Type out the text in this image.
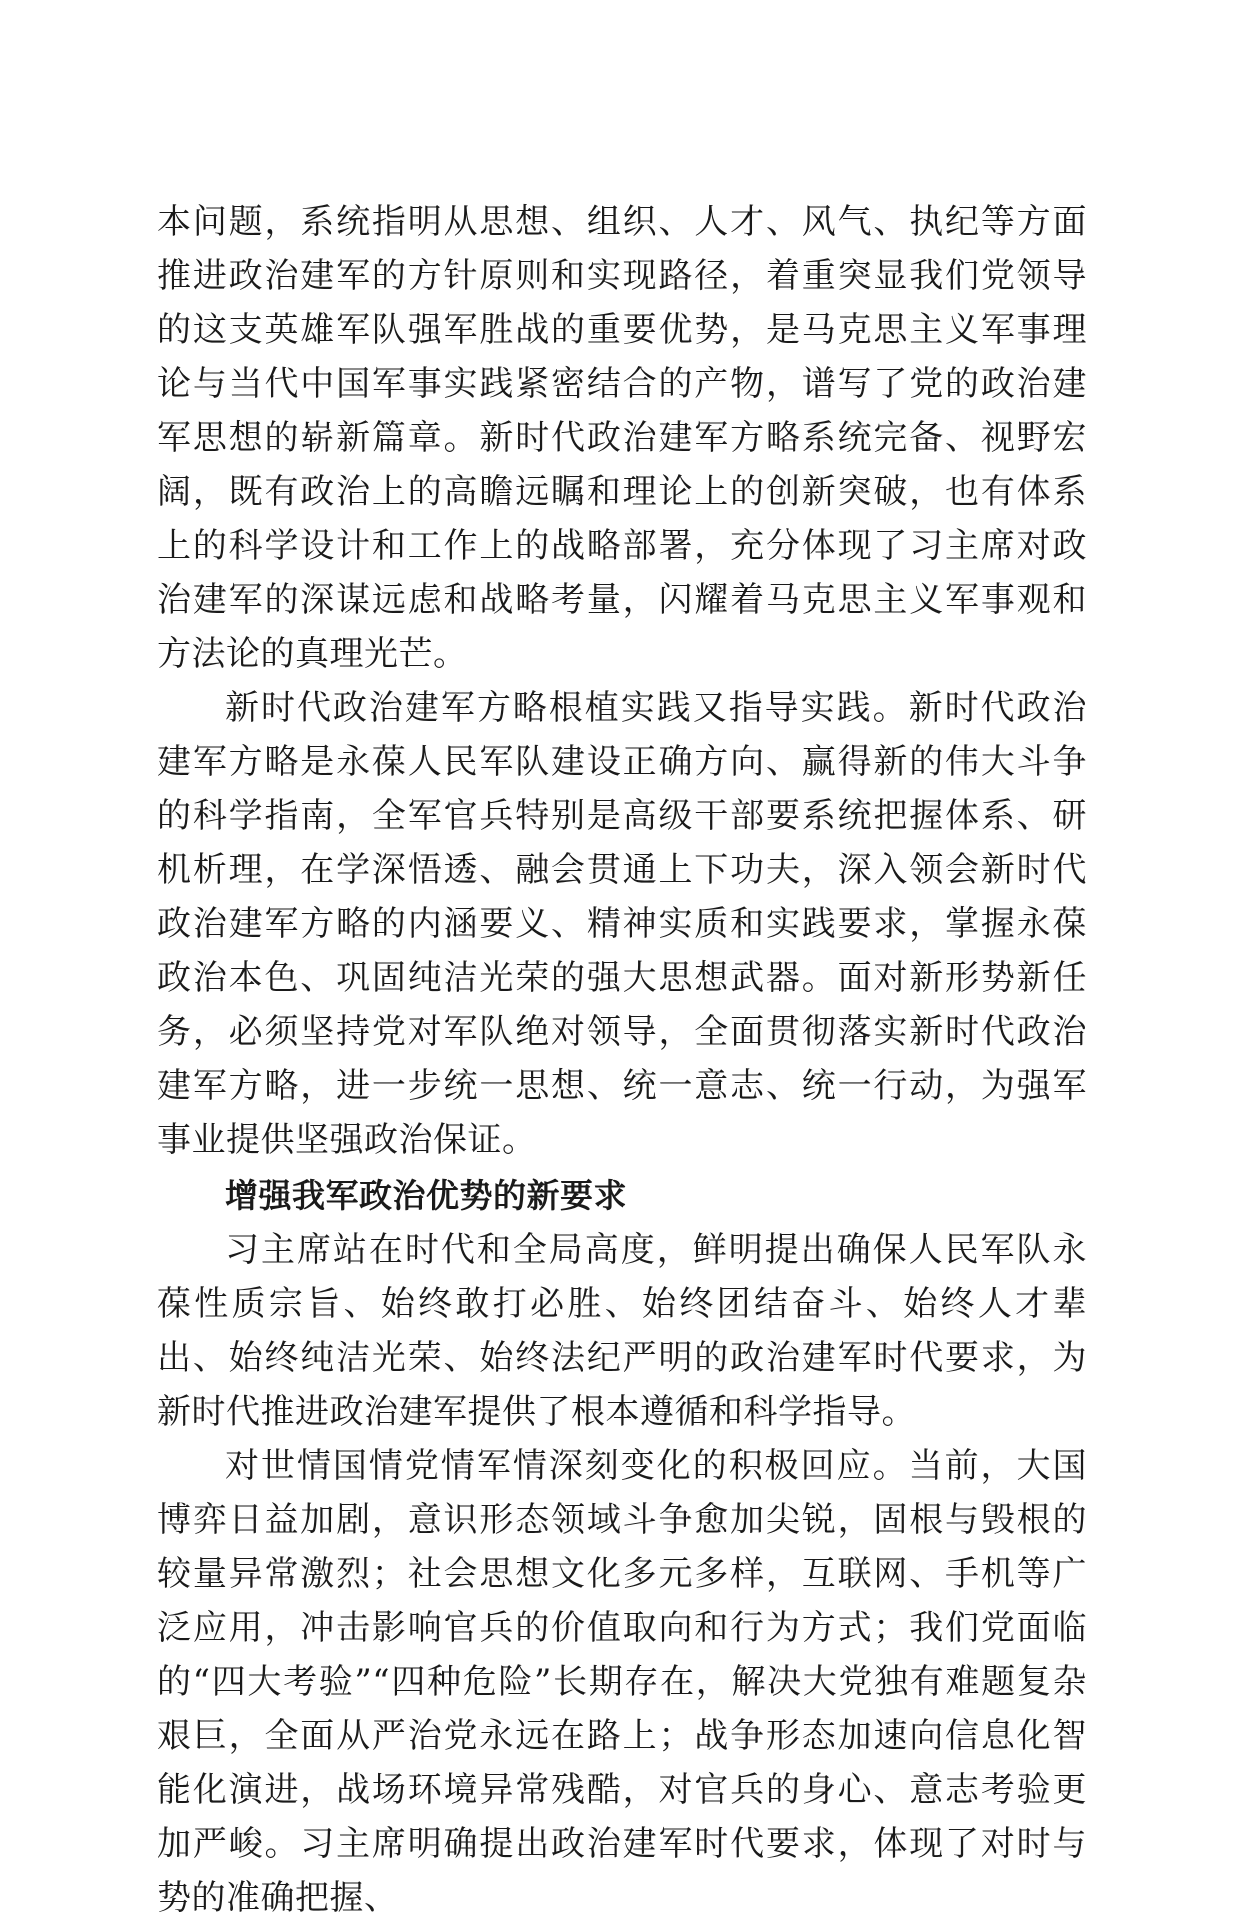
本问题，系统指明从思想、组织、人才、风气、执纪等方面推进政治建军的方针原则和实现路径，着重突显我们党领导的这支英雄军队强军胜战的重要优势，是马克思主义军事理论与当代中国军事实践紧密结合的产物，谱写了党的政治建军思想的崭新篇章。新时代政治建军方略系统完备、视野宏阔，既有政治上的高瞻远瞩和理论上的创新突破，也有体系上的科学设计和工作上的战略部署，充分体现了习主席对政治建军的深谋远虑和战略考量，闪耀着马克思主义军事观和方法论的真理光芒。

新时代政治建军方略根植实践又指导实践。新时代政治建军方略是永葆人民军队建设正确方向、赢得新的伟大斗争的科学指南，全军官兵特别是高级干部要系统把握体系、研机析理，在学深悟透、融会贯通上下功夫，深入领会新时代政治建军方略的内涵要义、精神实质和实践要求，掌握永葆政治本色、巩固纯洁光荣的强大思想武器。面对新形势新任务，必须坚持党对军队绝对领导，全面贯彻落实新时代政治建军方略，进一步统一思想、统一意志、统一行动，为强军事业提供坚强政治保证。

增强我军政治优势的新要求

习主席站在时代和全局高度，鲜明提出确保人民军队永葆性质宗旨、始终敢打必胜、始终团结奋斗、始终人才辈出、始终纯洁光荣、始终法纪严明的政治建军时代要求，为新时代推进政治建军提供了根本遵循和科学指导。

对世情国情党情军情深刻变化的积极回应。当前，大国博弈日益加剧，意识形态领域斗争愈加尖锐，固根与毁根的较量异常激烈；社会思想文化多元多样，互联网、手机等广泛应用，冲击影响官兵的价值取向和行为方式；我们党面临的“四大考验”“四种危险”长期存在，解决大党独有难题复杂艰巨，全面从严治党永远在路上；战争形态加速向信息化智能化演进，战场环境异常残酷，对官兵的身心、意志考验更加严峻。习主席明确提出政治建军时代要求，体现了对时与势的准确把握、
